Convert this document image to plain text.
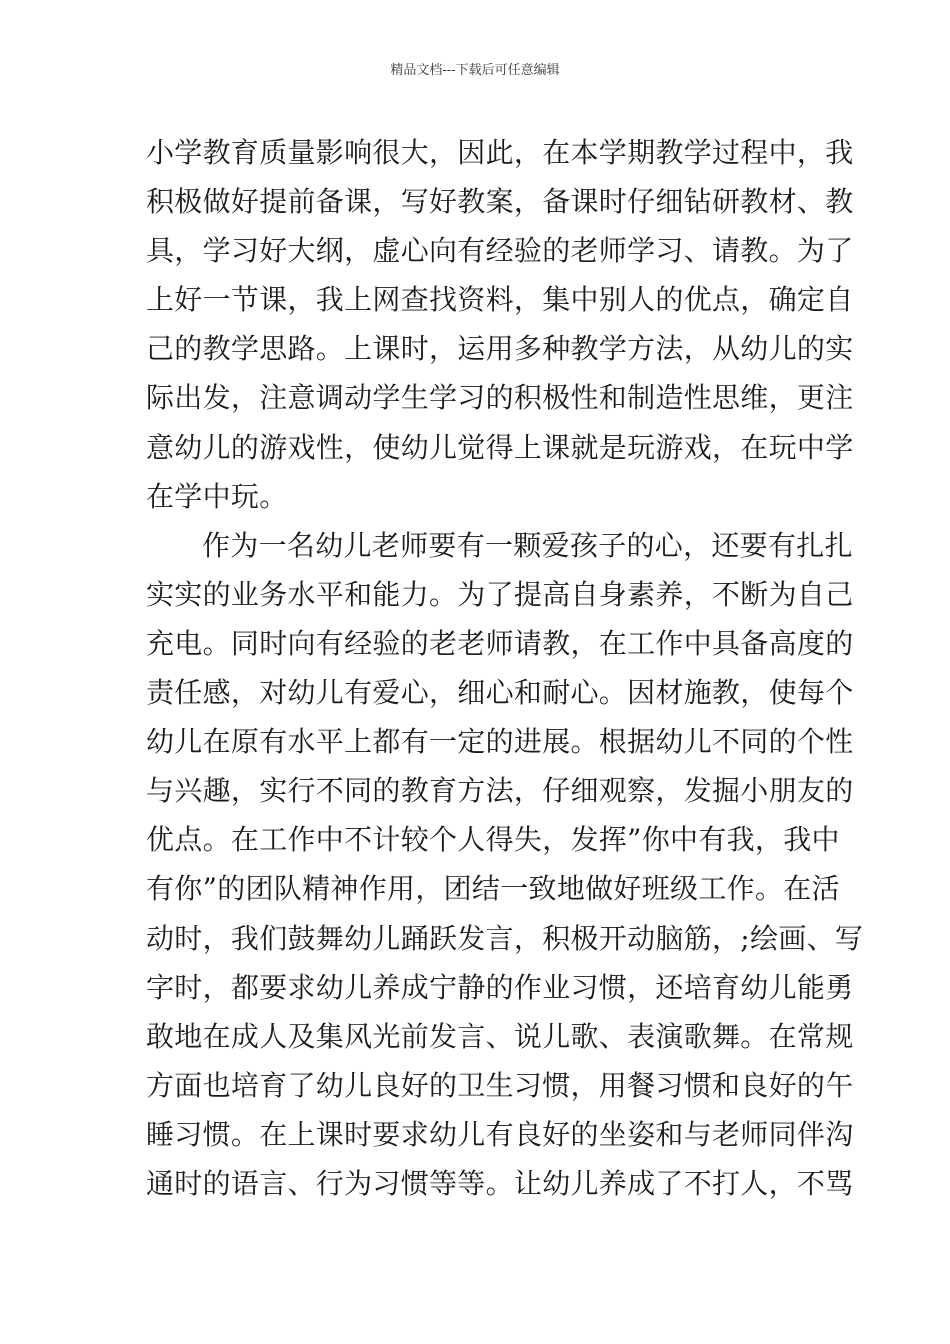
精品文档---下载后可任意编辑
小学教育质量影响很大，因此，在本学期教学过程中，我
积极做好提前备课，写好教案，备课时仔细钻研教材、教
具，学习好大纲，虚心向有经验的老师学习、请教。为了
上好一节课，我上网查找资料，集中别人的优点，确定自
己的教学思路。上课时，运用多种教学方法，从幼儿的实
际出发，注意调动学生学习的积极性和制造性思维，更注
意幼儿的游戏性，使幼儿觉得上课就是玩游戏，在玩中学
在学中玩。
作为一名幼儿老师要有一颗爱孩子的心，还要有扎扎
实实的业务水平和能力。为了提高自身素养，不断为自己
充电。同时向有经验的老老师请教，在工作中具备高度的
责任感，对幼儿有爱心，细心和耐心。因材施教，使每个
幼儿在原有水平上都有一定的进展。根据幼儿不同的个性
与兴趣，实行不同的教育方法，仔细观察，发掘小朋友的
优点。在工作中不计较个人得失，发挥”你中有我，我中
有你”的团队精神作用，团结一致地做好班级工作。在活
动时，我们鼓舞幼儿踊跃发言，积极开动脑筋，;绘画、写
字时，都要求幼儿养成宁静的作业习惯，还培育幼儿能勇
敢地在成人及集风光前发言、说儿歌、表演歌舞。在常规
方面也培育了幼儿良好的卫生习惯，用餐习惯和良好的午
睡习惯。在上课时要求幼儿有良好的坐姿和与老师同伴沟
通时的语言、行为习惯等等。让幼儿养成了不打人，不骂
